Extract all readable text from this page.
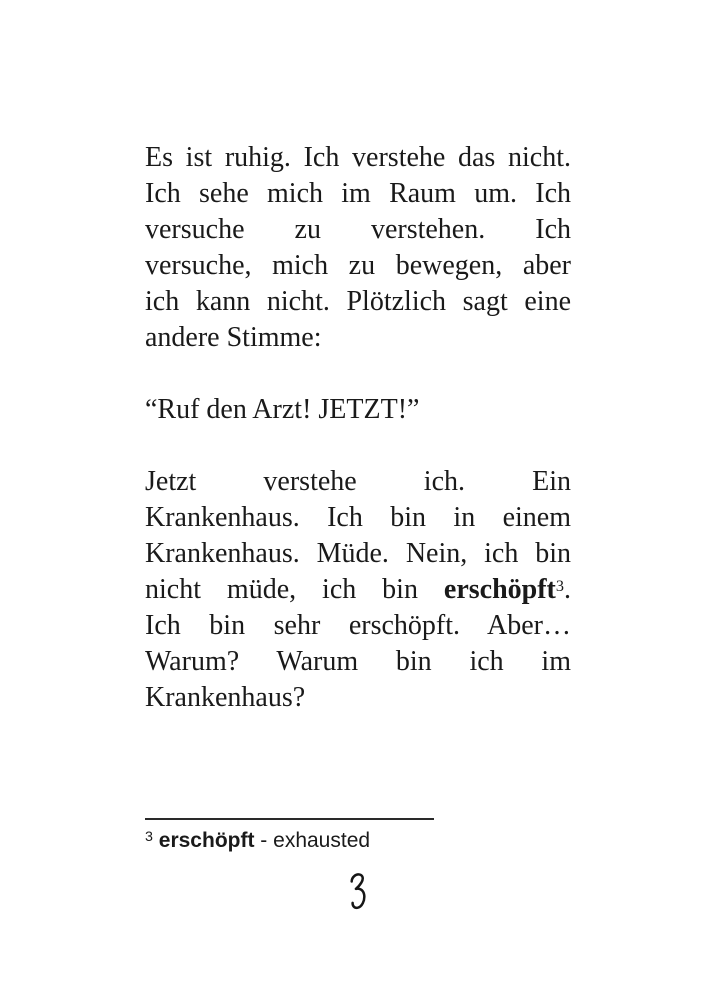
Es ist ruhig. Ich verstehe das nicht.
Ich sehe mich im Raum um. Ich
versuche zu verstehen. Ich
versuche, mich zu bewegen, aber
ich kann nicht. Plötzlich sagt eine
andere Stimme:
“Ruf den Arzt! JETZT!”
Jetzt verstehe ich. Ein
Krankenhaus. Ich bin in einem
Krankenhaus. Müde. Nein, ich bin
nicht müde, ich bin erschöpft$^3$.
Ich bin sehr erschöpft. Aber…
Warum? Warum bin ich im
Krankenhaus?
$^3$ erschöpft - exhausted
